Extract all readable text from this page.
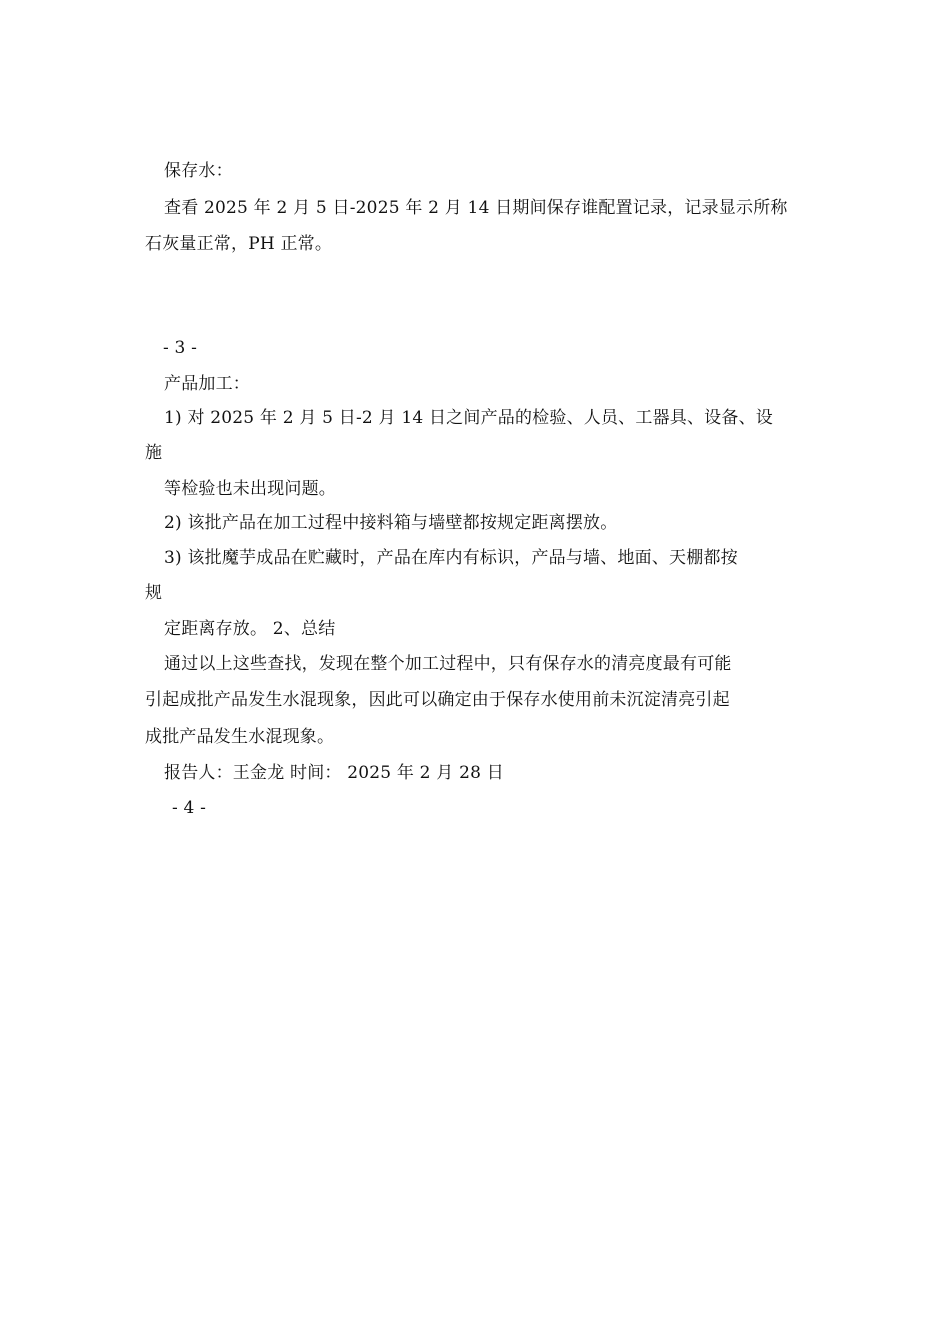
保存水：
查看 2025 年 2 月 5 日-2025 年 2 月 14 日期间保存谁配置记录，记录显示所称
石灰量正常，PH 正常。
- 3 -
产品加工：
1) 对 2025 年 2 月 5 日-2 月 14 日之间产品的检验、人员、工器具、设备、设
施
等检验也未出现问题。
2) 该批产品在加工过程中接料箱与墙壁都按规定距离摆放。
3) 该批魔芋成品在贮藏时，产品在库内有标识，产品与墙、地面、天棚都按
规
定距离存放。 2、总结
通过以上这些查找，发现在整个加工过程中，只有保存水的清亮度最有可能
引起成批产品发生水混现象，因此可以确定由于保存水使用前未沉淀清亮引起
成批产品发生水混现象。
报告人：王金龙 时间： 2025 年 2 月 28 日
- 4 -
